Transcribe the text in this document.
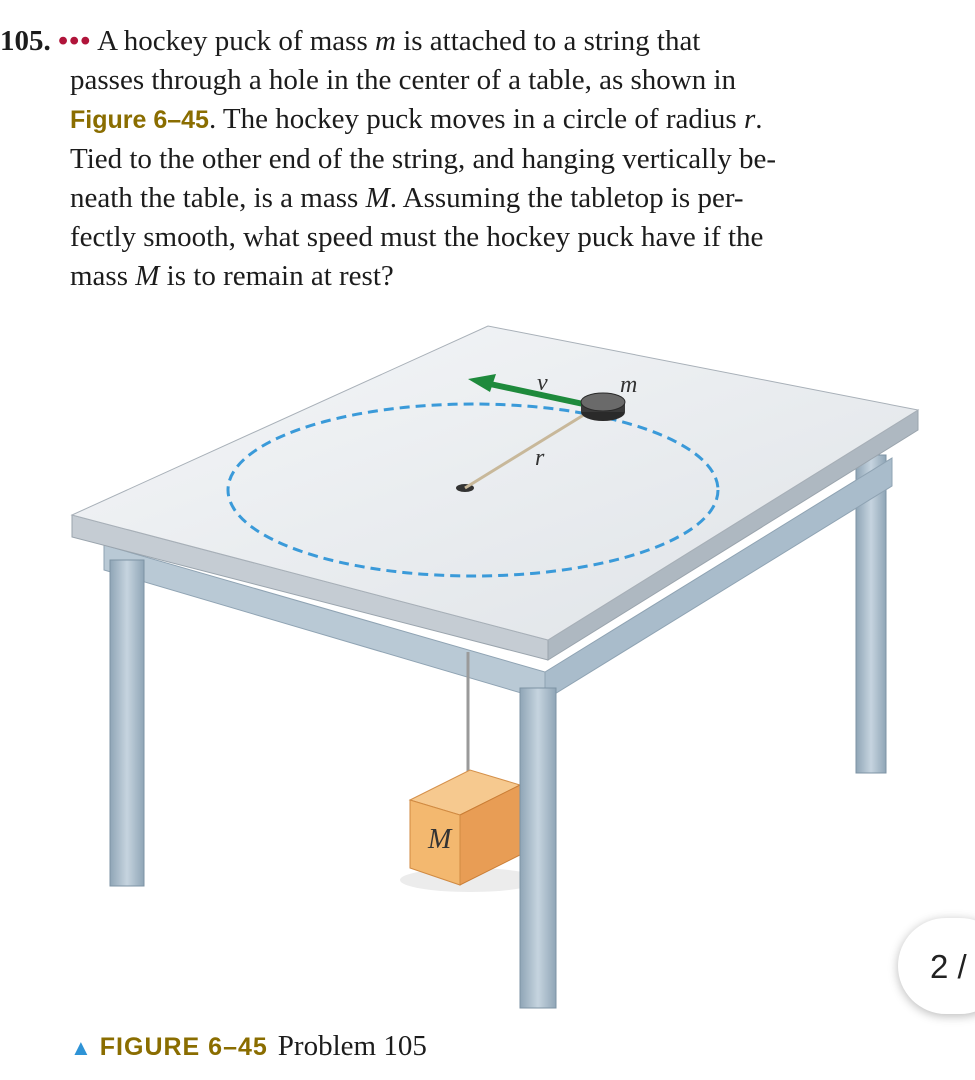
105. ••• A hockey puck of mass m is attached to a string that
passes through a hole in the center of a table, as shown in
Figure 6–45. The hockey puck moves in a circle of radius r.
Tied to the other end of the string, and hanging vertically be-
neath the table, is a mass M. Assuming the tabletop is per-
fectly smooth, what speed must the hockey puck have if the
mass M is to remain at rest?
M
v	m
r
▲ FIGURE 6–45 Problem 105
2 /
